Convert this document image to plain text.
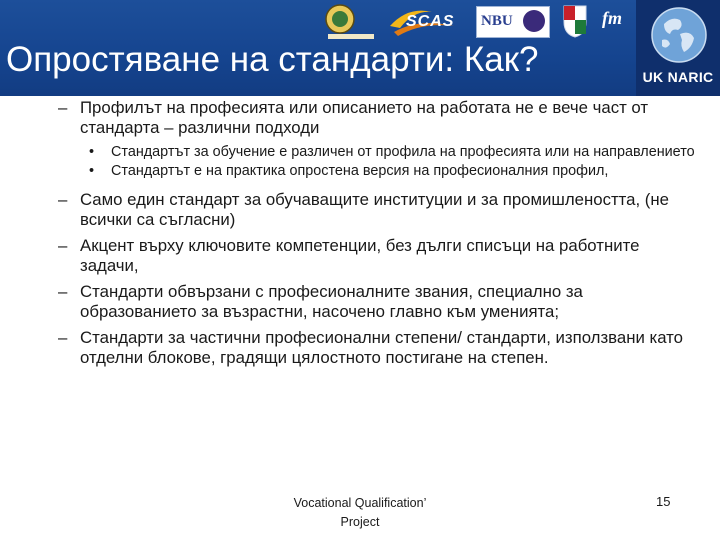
SCAS NBU	fm
Опростяване на стандарти: Как?	UK NARIC
– Профилът на професията или описанието на работата не е вече част от стандарта – различни подходи
• Стандартът за обучение е различен от профила на професията или на направлението
• Стандартът е на практика опростена версия на професионалния профил,
– Само един стандарт за обучаващите институции и за промишлеността, (не всички са съгласни)
– Акцент върху ключовите компетенции, без дълги списъци на работните задачи,
– Стандарти обвързани с професионалните звания, специално за образованието за възрастни, насочено главно към уменията;
– Стандарти за частични професионални степени/ стандарти, използвани като отделни блокове, градящи цялостното постигане на степен.
Vocational Qualification’
Project
15
